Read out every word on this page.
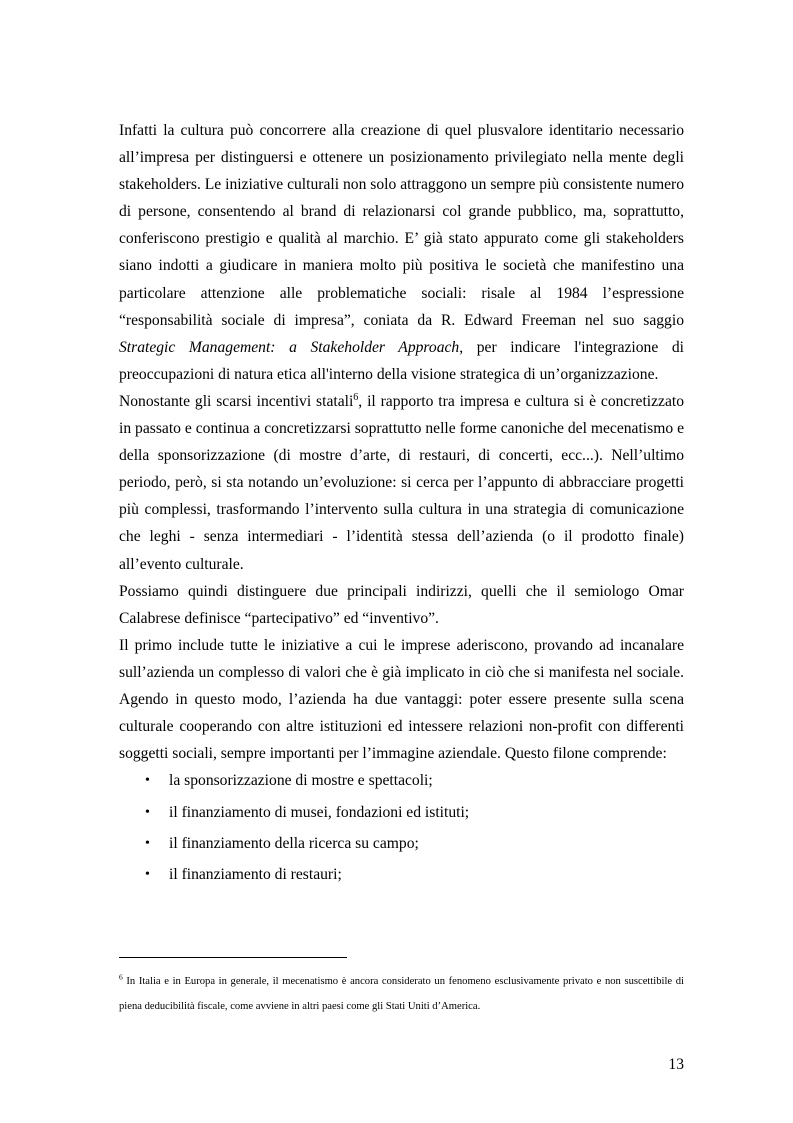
Infatti la cultura può concorrere alla creazione di quel plusvalore identitario necessario all’impresa per distinguersi e ottenere un posizionamento privilegiato nella mente degli stakeholders. Le iniziative culturali non solo attraggono un sempre più consistente numero di persone, consentendo al brand di relazionarsi col grande pubblico, ma, soprattutto, conferiscono prestigio e qualità al marchio. E’ già stato appurato come gli stakeholders siano indotti a giudicare in maniera molto più positiva le società che manifestino una particolare attenzione alle problematiche sociali: risale al 1984 l’espressione “responsabilità sociale di impresa”, coniata da R. Edward Freeman nel suo saggio Strategic Management: a Stakeholder Approach, per indicare l'integrazione di preoccupazioni di natura etica all'interno della visione strategica di un’organizzazione.

Nonostante gli scarsi incentivi statali$^6$, il rapporto tra impresa e cultura si è concretizzato in passato e continua a concretizzarsi soprattutto nelle forme canoniche del mecenatismo e della sponsorizzazione (di mostre d’arte, di restauri, di concerti, ecc...). Nell’ultimo periodo, però, si sta notando un’evoluzione: si cerca per l’appunto di abbracciare progetti più complessi, trasformando l’intervento sulla cultura in una strategia di comunicazione che leghi - senza intermediari - l’identità stessa dell’azienda (o il prodotto finale) all’evento culturale.

Possiamo quindi distinguere due principali indirizzi, quelli che il semiologo Omar Calabrese definisce “partecipativo” ed “inventivo”.

Il primo include tutte le iniziative a cui le imprese aderiscono, provando ad incanalare sull’azienda un complesso di valori che è già implicato in ciò che si manifesta nel sociale. Agendo in questo modo, l’azienda ha due vantaggi: poter essere presente sulla scena culturale cooperando con altre istituzioni ed intessere relazioni non-profit con differenti soggetti sociali, sempre importanti per l’immagine aziendale. Questo filone comprende:

• la sponsorizzazione di mostre e spettacoli;
• il finanziamento di musei, fondazioni ed istituti;
• il finanziamento della ricerca su campo;
• il finanziamento di restauri;
$^6$ In Italia e in Europa in generale, il mecenatismo è ancora considerato un fenomeno esclusivamente privato e non suscettibile di piena deducibilità fiscale, come avviene in altri paesi come gli Stati Uniti d’America.
13
